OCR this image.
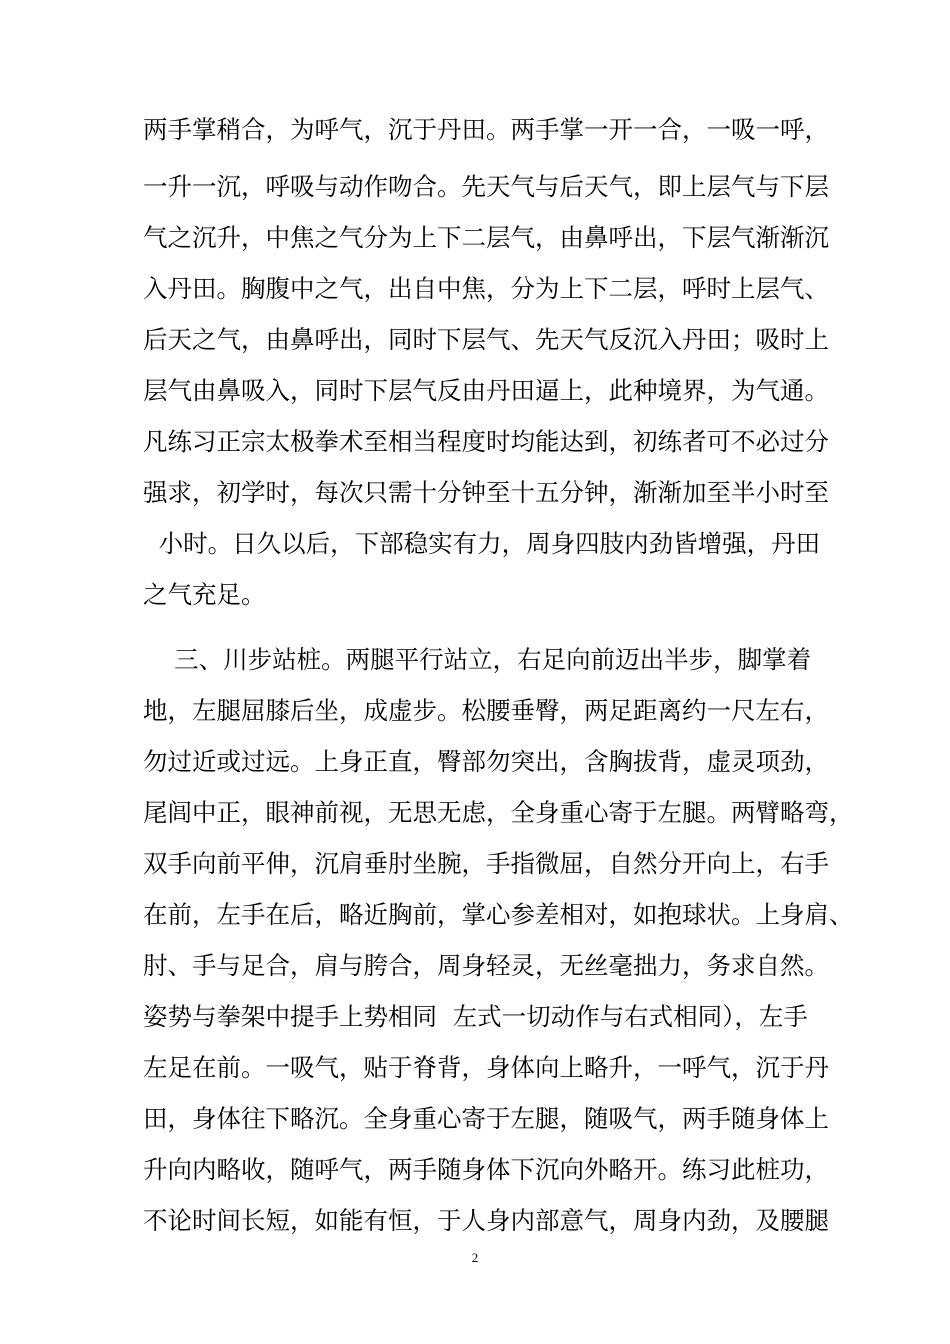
两手掌稍合，为呼气，沉于丹田。两手掌一开一合，一吸一呼，
一升一沉，呼吸与动作吻合。先天气与后天气，即上层气与下层
气之沉升，中焦之气分为上下二层气，由鼻呼出，下层气渐渐沉
入丹田。胸腹中之气，出自中焦，分为上下二层，呼时上层气、
后天之气，由鼻呼出，同时下层气、先天气反沉入丹田；吸时上
层气由鼻吸入，同时下层气反由丹田逼上，此种境界，为气通。
凡练习正宗太极拳术至相当程度时均能达到，初练者可不必过分
强求，初学时，每次只需十分钟至十五分钟，渐渐加至半小时至
小时。日久以后，下部稳实有力，周身四肢内劲皆增强，丹田
之气充足。
三、川步站桩。两腿平行站立，右足向前迈出半步，脚掌着
地，左腿屈膝后坐，成虚步。松腰垂臀，两足距离约一尺左右，
勿过近或过远。上身正直，臀部勿突出，含胸拔背，虚灵项劲，
尾闾中正，眼神前视，无思无虑，全身重心寄于左腿。两臂略弯，
双手向前平伸，沉肩垂肘坐腕，手指微屈，自然分开向上，右手
在前，左手在后，略近胸前，掌心参差相对，如抱球状。上身肩、
肘、手与足合，肩与胯合，周身轻灵，无丝毫拙力，务求自然。
姿势与拳架中提手上势相同  左式一切动作与右式相同），左手
左足在前。一吸气，贴于脊背，身体向上略升，一呼气，沉于丹
田，身体往下略沉。全身重心寄于左腿，随吸气，两手随身体上
升向内略收，随呼气，两手随身体下沉向外略开。练习此桩功，
不论时间长短，如能有恒，于人身内部意气，周身内劲，及腰腿
2
